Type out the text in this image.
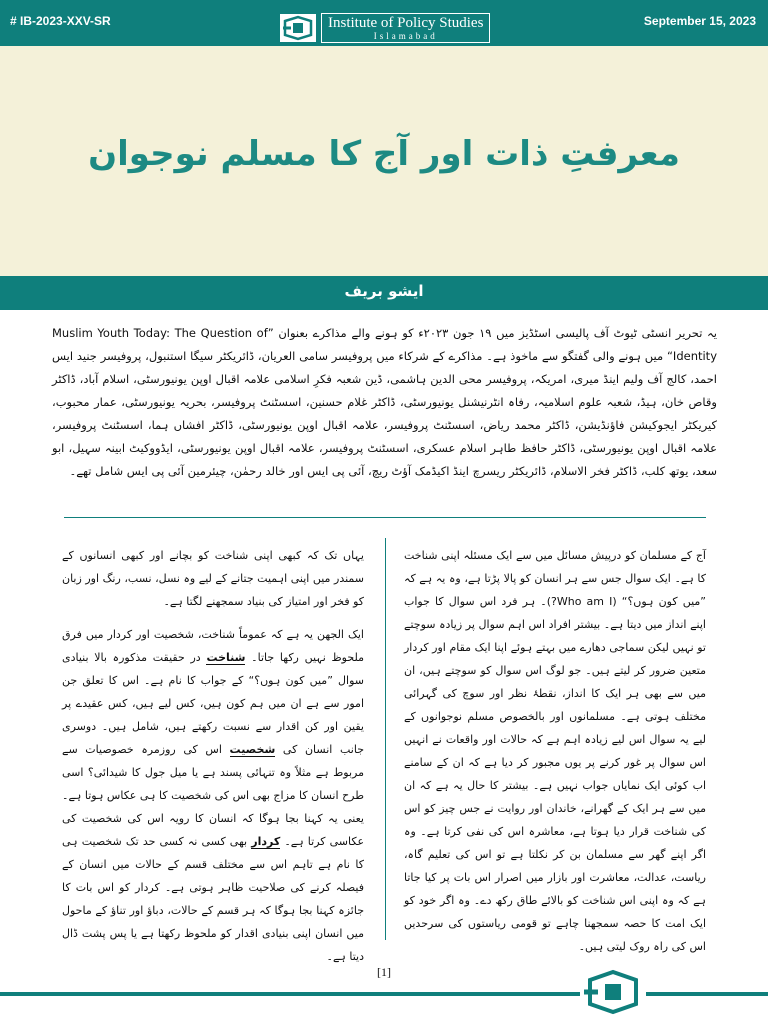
# IB-2023-XXV-SR	Institute of Policy Studies
Islamabad
September 15, 2023
معرفتِ ذات اور آج کا مسلم نوجوان
ایشو بریف
یہ تحریر انسٹی ٹیوٹ آف پالیسی اسٹڈیز میں ۱۹ جون ۲۰۲۳ء کو ہونے والے مذاکرے بعنوان ”Muslim Youth Today: The Question of Identity“ میں ہونے والی گفتگو سے ماخوذ ہے۔ مذاکرے کے شرکاء میں پروفیسر سامی العریان، ڈائریکٹر سیگا استنبول، پروفیسر جنید ایس احمد، کالج آف ولیم اینڈ میری، امریکہ، پروفیسر محی الدین ہاشمی، ڈین شعبہ فکرِ اسلامی علامہ اقبال اوپن یونیورسٹی، اسلام آباد، ڈاکٹر وقاص خان، ہیڈ، شعبہ علوم اسلامیہ، رفاہ انٹرنیشنل یونیورسٹی، ڈاکٹر غلام حسنین، اسسٹنٹ پروفیسر، بحریہ یونیورسٹی، عمار محبوب، کیریکٹر ایجوکیشن فاؤنڈیشن، ڈاکٹر محمد ریاض، اسسٹنٹ پروفیسر، علامہ اقبال اوپن یونیورسٹی، ڈاکٹر افشاں ہما، اسسٹنٹ پروفیسر، علامہ اقبال اوپن یونیورسٹی، ڈاکٹر حافظ طاہر اسلام عسکری، اسسٹنٹ پروفیسر، علامہ اقبال اوپن یونیورسٹی، ایڈووکیٹ ابینہ سہیل، ابو سعد، یوتھ کلب، ڈاکٹر فخر الاسلام، ڈائریکٹر ریسرچ اینڈ اکیڈمک آؤٹ ریچ، آئی پی ایس اور خالد رحمٰن، چیئرمین آئی پی ایس شامل تھے۔

آج کے مسلمان کو درپیش مسائل میں سے ایک مسئلہ اپنی شناخت کا ہے۔ ایک سوال جس سے ہر انسان کو پالا پڑتا ہے، وہ یہ ہے کہ ”میں کون ہوں؟“ (Who am I?)۔ ہر فرد اس سوال کا جواب اپنے انداز میں دیتا ہے۔ بیشتر افراد اس اہم سوال پر زیادہ سوچتے تو نہیں لیکن سماجی دھارے میں بہتے ہوئے اپنا ایک مقام اور کردار متعین ضرور کر لیتے ہیں۔ جو لوگ اس سوال کو سوچتے ہیں، ان میں سے بھی ہر ایک کا انداز، نقطۂ نظر اور سوچ کی گہرائی مختلف ہوتی ہے۔ مسلمانوں اور بالخصوص مسلم نوجوانوں کے لیے یہ سوال اس لیے زیادہ اہم ہے کہ حالات اور واقعات نے انہیں اس سوال پر غور کرنے پر یوں مجبور کر دیا ہے کہ ان کے سامنے اب کوئی ایک نمایاں جواب نہیں ہے۔ بیشتر کا حال یہ ہے کہ ان میں سے ہر ایک کے گھرانے، خاندان اور روایت نے جس چیز کو اس کی شناخت قرار دیا ہوتا ہے، معاشرہ اس کی نفی کرتا ہے۔ وہ اگر اپنے گھر سے مسلمان بن کر نکلتا ہے تو اس کی تعلیم گاہ، ریاست، عدالت، معاشرت اور بازار میں اصرار اس بات پر کیا جاتا ہے کہ وہ اپنی اس شناخت کو بالائے طاق رکھ دے۔ وہ اگر خود کو ایک امت کا حصہ سمجھنا چاہے تو قومی ریاستوں کی سرحدیں اس کی راہ روک لیتی ہیں۔

یہاں تک کہ کبھی اپنی شناخت کو بچانے اور کبھی انسانوں کے سمندر میں اپنی اہمیت جتانے کے لیے وہ نسل، نسب، رنگ اور زبان کو فخر اور امتیاز کی بنیاد سمجھنے لگتا ہے۔

ایک الجھن یہ ہے کہ عموماً شناخت، شخصیت اور کردار میں فرق ملحوظ نہیں رکھا جاتا۔ شناخت در حقیقت مذکورہ بالا بنیادی سوال ”میں کون ہوں؟“ کے جواب کا نام ہے۔ اس کا تعلق جن امور سے ہے ان میں ہم کون ہیں، کس لیے ہیں، کس عقیدے پر یقین اور کن اقدار سے نسبت رکھتے ہیں، شامل ہیں۔ دوسری جانب انسان کی شخصیت اس کی روزمرہ خصوصیات سے مربوط ہے مثلاً وہ تنہائی پسند ہے یا میل جول کا شیدائی؟ اسی طرح انسان کا مزاج بھی اس کی شخصیت کا ہی عکاس ہوتا ہے۔ یعنی یہ کہنا بجا ہوگا کہ انسان کا رویہ اس کی شخصیت کی عکاسی کرتا ہے۔ کردار بھی کسی نہ کسی حد تک شخصیت ہی کا نام ہے تاہم اس سے مختلف قسم کے حالات میں انسان کے فیصلہ کرنے کی صلاحیت ظاہر ہوتی ہے۔ کردار کو اس بات کا جائزہ کہنا بجا ہوگا کہ ہر قسم کے حالات، دباؤ اور تناؤ کے ماحول میں انسان اپنی بنیادی اقدار کو ملحوظ رکھتا ہے یا پس پشت ڈال دیتا ہے۔

[1]
